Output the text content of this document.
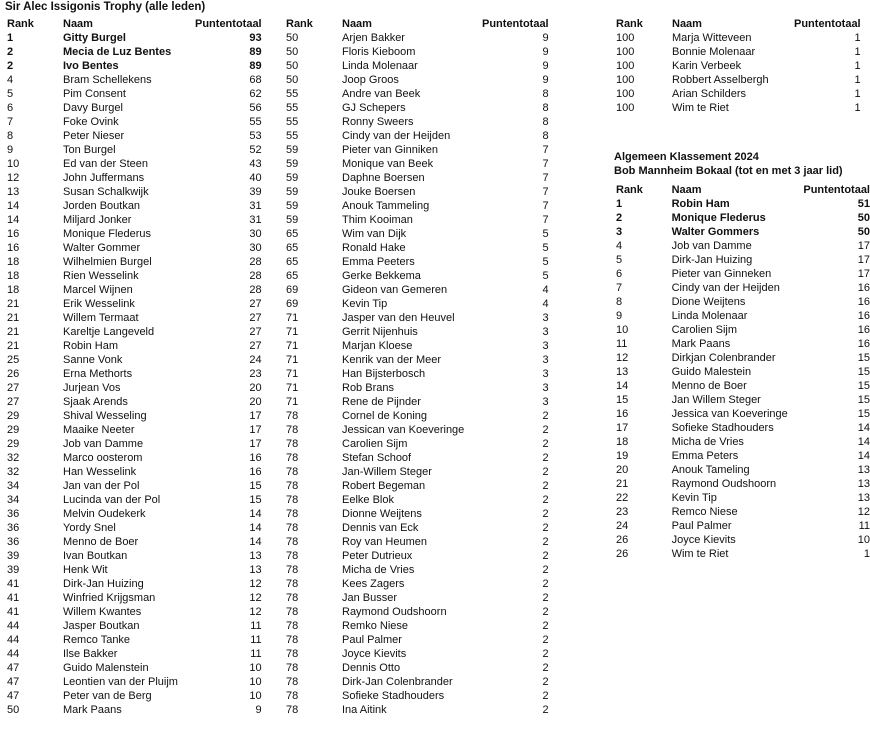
Sir Alec Issigonis Trophy (alle leden)
Rank	Naam	Puntentotaal
1	Gitty Burgel	93
2	Mecia de Luz Bentes	89
2	Ivo Bentes	89
4	Bram Schellekens	68
5	Pim Consent	62
6	Davy Burgel	56
7	Foke Ovink	55
8	Peter Nieser	53
9	Ton Burgel	52
10	Ed van der Steen	43
12	John Juffermans	40
13	Susan Schalkwijk	39
14	Jorden Boutkan	31
14	Miljard Jonker	31
16	Monique Flederus	30
16	Walter Gommer	30
18	Wilhelmien Burgel	28
18	Rien Wesselink	28
18	Marcel Wijnen	28
21	Erik Wesselink	27
21	Willem Termaat	27
21	Kareltje Langeveld	27
21	Robin Ham	27
25	Sanne Vonk	24
26	Erna Methorts	23
27	Jurjean Vos	20
27	Sjaak Arends	20
29	Shival Wesseling	17
29	Maaike Neeter	17
29	Job van Damme	17
32	Marco oosterom	16
32	Han Wesselink	16
34	Jan van der Pol	15
34	Lucinda van der Pol	15
36	Melvin Oudekerk	14
36	Yordy Snel	14
36	Menno de Boer	14
39	Ivan Boutkan	13
39	Henk Wit	13
41	Dirk-Jan Huizing	12
41	Winfried Krijgsman	12
41	Willem Kwantes	12
44	Jasper Boutkan	11
44	Remco Tanke	11
44	Ilse Bakker	11
47	Guido Malenstein	10
47	Leontien van der Pluijm	10
47	Peter van de Berg	10
50	Mark Paans	9
Rank	Naam	Puntentotaal
50	Arjen Bakker	9
50	Floris Kieboom	9
50	Linda Molenaar	9
50	Joop Groos	9
55	Andre van Beek	8
55	GJ Schepers	8
55	Ronny Sweers	8
55	Cindy van der Heijden	8
59	Pieter van Ginniken	7
59	Monique van Beek	7
59	Daphne Boersen	7
59	Jouke Boersen	7
59	Anouk Tammeling	7
59	Thim Kooiman	7
65	Wim van Dijk	5
65	Ronald Hake	5
65	Emma Peeters	5
65	Gerke Bekkema	5
69	Gideon van Gemeren	4
69	Kevin Tip	4
71	Jasper van den Heuvel	3
71	Gerrit Nijenhuis	3
71	Marjan Kloese	3
71	Kenrik van der Meer	3
71	Han Bijsterbosch	3
71	Rob Brans	3
71	Rene de Pijnder	3
78	Cornel de Koning	2
78	Jessican van Koeveringe	2
78	Carolien Sijm	2
78	Stefan Schoof	2
78	Jan-Willem Steger	2
78	Robert Begeman	2
78	Eelke Blok	2
78	Dionne Weijtens	2
78	Dennis van Eck	2
78	Roy van Heumen	2
78	Peter Dutrieux	2
78	Micha de Vries	2
78	Kees Zagers	2
78	Jan Busser	2
78	Raymond Oudshoorn	2
78	Remko Niese	2
78	Paul Palmer	2
78	Joyce Kievits	2
78	Dennis Otto	2
78	Dirk-Jan Colenbrander	2
78	Sofieke Stadhouders	2
78	Ina Aitink	2
Rank	Naam	Puntentotaal
100	Marja Witteveen	1
100	Bonnie Molenaar	1
100	Karin Verbeek	1
100	Robbert Asselbergh	1
100	Arian Schilders	1
100	Wim te Riet	1
Algemeen Klassement 2024
Bob Mannheim Bokaal (tot en met 3 jaar lid)
Rank	Naam	Puntentotaal
1	Robin Ham	51
2	Monique Flederus	50
3	Walter Gommers	50
4	Job van Damme	17
5	Dirk-Jan Huizing	17
6	Pieter van Ginneken	17
7	Cindy van der Heijden	16
8	Dione Weijtens	16
9	Linda Molenaar	16
10	Carolien Sijm	16
11	Mark Paans	16
12	Dirkjan Colenbrander	15
13	Guido Malestein	15
14	Menno de Boer	15
15	Jan Willem Steger	15
16	Jessica van Koeveringe	15
17	Sofieke Stadhouders	14
18	Micha de Vries	14
19	Emma Peters	14
20	Anouk Tameling	13
21	Raymond Oudshoorn	13
22	Kevin Tip	13
23	Remco Niese	12
24	Paul Palmer	11
26	Joyce Kievits	10
26	Wim te Riet	1
